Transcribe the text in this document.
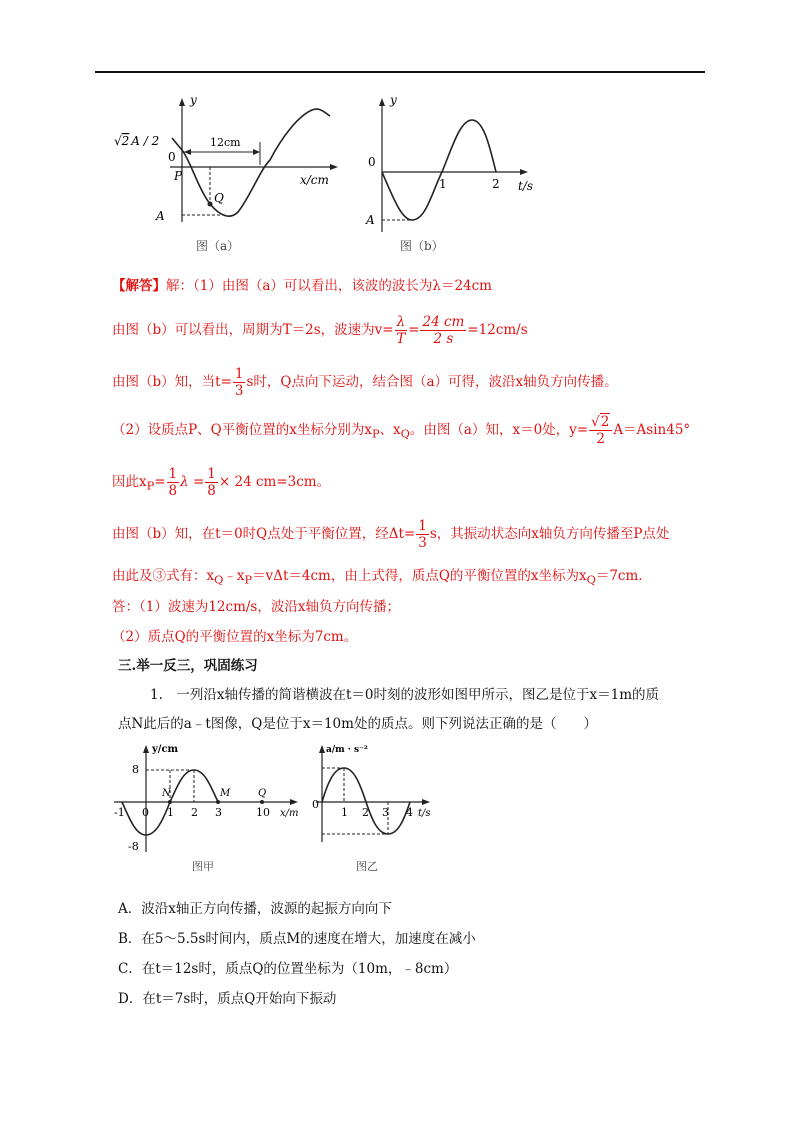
y
√2 A / 2
0
12cm
x/cm
P
Q
A
图（a）
y
0
1	2 t/s
A
图（b）
【解答】解：（1）由图（a）可以看出，该波的波长为λ＝24cm
由图（b）可以看出，周期为T＝2s，波速为$v= \frac{\lambda}{T} = \frac{24 cm}{2 s} =12cm/s$
由图（b）知，当$t= \frac{1}{3}$ s时，Q点向下运动，结合图（a）可得，波沿x轴负方向传播。
（2）设质点P、Q平衡位置的x坐标分别为$x_P$、$x_Q$。由图（a）知，x＝0处，$y= \frac{√2}{2} A=Asin45^\circ$
因此$x_P= \frac{1}{8}$ $\lambda = \frac{1}{8} \times 24$ cm=3cm。
由图（b）知，在t＝0时Q点处于平衡位置，经$\Delta t= \frac{1}{3}$ s，其振动状态向x轴负方向传播至P点处
由此及③式有：$x_Q﹣x_P=v\Delta t=4cm$，由上式得，质点Q的平衡位置的x坐标为$x_Q=7cm$.
答：（1）波速为12cm/s，波沿x轴负方向传播；
（2）质点Q的平衡位置的x坐标为7cm。
三.举一反三，巩固练习
1.　一列沿x轴传播的简谐横波在t＝0时刻的波形如图甲所示，图乙是位于x＝1m的质
点N此后的a﹣t图像，Q是位于x＝10m处的质点。则下列说法正确的是（　　）
y/cm
8
-8
-1 0 1 2 3	10
N	M	Q
x/m
图甲
a/m · s⁻²
0
1 2 3 4 t/s
图乙
A．波沿x轴正方向传播，波源的起振方向向下
B．在5～5.5s时间内，质点M的速度在增大，加速度在减小
C．在t＝12s时，质点Q的位置坐标为（10m，﹣8cm）
D．在t＝7s时，质点Q开始向下振动
